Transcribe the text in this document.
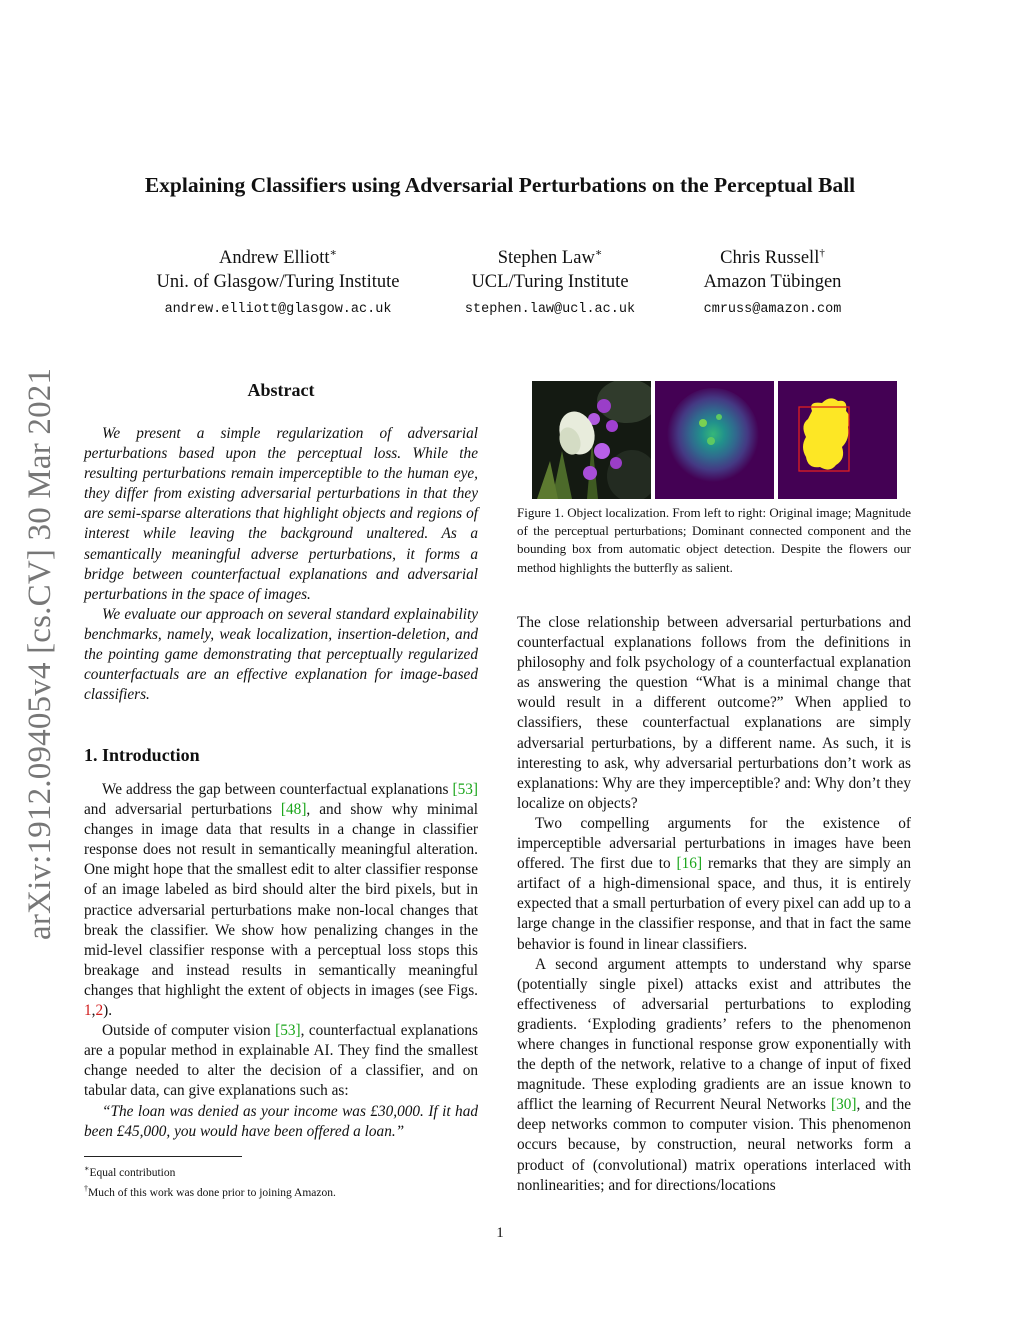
arXiv:1912.09405v4 [cs.CV] 30 Mar 2021
Explaining Classifiers using Adversarial Perturbations on the Perceptual Ball
Andrew Elliott∗
Uni. of Glasgow/Turing Institute
andrew.elliott@glasgow.ac.uk
Stephen Law∗
UCL/Turing Institute
stephen.law@ucl.ac.uk
Chris Russell†
Amazon Tübingen
cmruss@amazon.com
Abstract

We present a simple regularization of adversarial perturbations based upon the perceptual loss. While the resulting perturbations remain imperceptible to the human eye, they differ from existing adversarial perturbations in that they are semi-sparse alterations that highlight objects and regions of interest while leaving the background unaltered. As a semantically meaningful adverse perturbations, it forms a bridge between counterfactual explanations and adversarial perturbations in the space of images.

We evaluate our approach on several standard explainability benchmarks, namely, weak localization, insertion-deletion, and the pointing game demonstrating that perceptually regularized counterfactuals are an effective explanation for image-based classifiers.

1. Introduction

We address the gap between counterfactual explanations [53] and adversarial perturbations [48], and show why minimal changes in image data that results in a change in classifier response does not result in semantically meaningful alteration. One might hope that the smallest edit to alter classifier response of an image labeled as bird should alter the bird pixels, but in practice adversarial perturbations make non-local changes that break the classifier. We show how penalizing changes in the mid-level classifier response with a perceptual loss stops this breakage and instead results in semantically meaningful changes that highlight the extent of objects in images (see Figs. 1,2).

Outside of computer vision [53], counterfactual explanations are a popular method in explainable AI. They find the smallest change needed to alter the decision of a classifier, and on tabular data, can give explanations such as:

“The loan was denied as your income was £30,000. If it had been £45,000, you would have been offered a loan.”

∗Equal contribution
†Much of this work was done prior to joining Amazon.
Figure 1. Object localization. From left to right: Original image; Magnitude of the perceptual perturbations; Dominant connected component and the bounding box from automatic object detection. Despite the flowers our method highlights the butterfly as salient.

The close relationship between adversarial perturbations and counterfactual explanations follows from the definitions in philosophy and folk psychology of a counterfactual explanation as answering the question “What is a minimal change that would result in a different outcome?” When applied to classifiers, these counterfactual explanations are simply adversarial perturbations, by a different name. As such, it is interesting to ask, why adversarial perturbations don’t work as explanations: Why are they imperceptible? and: Why don’t they localize on objects?

Two compelling arguments for the existence of imperceptible adversarial perturbations in images have been offered. The first due to [16] remarks that they are simply an artifact of a high-dimensional space, and thus, it is entirely expected that a small perturbation of every pixel can add up to a large change in the classifier response, and that in fact the same behavior is found in linear classifiers.

A second argument attempts to understand why sparse (potentially single pixel) attacks exist and attributes the effectiveness of adversarial perturbations to exploding gradients. ‘Exploding gradients’ refers to the phenomenon where changes in functional response grow exponentially with the depth of the network, relative to a change of input of fixed magnitude. These exploding gradients are an issue known to afflict the learning of Recurrent Neural Networks [30], and the deep networks common to computer vision. This phenomenon occurs because, by construction, neural networks form a product of (convolutional) matrix operations interlaced with nonlinearities; and for directions/locations

1
